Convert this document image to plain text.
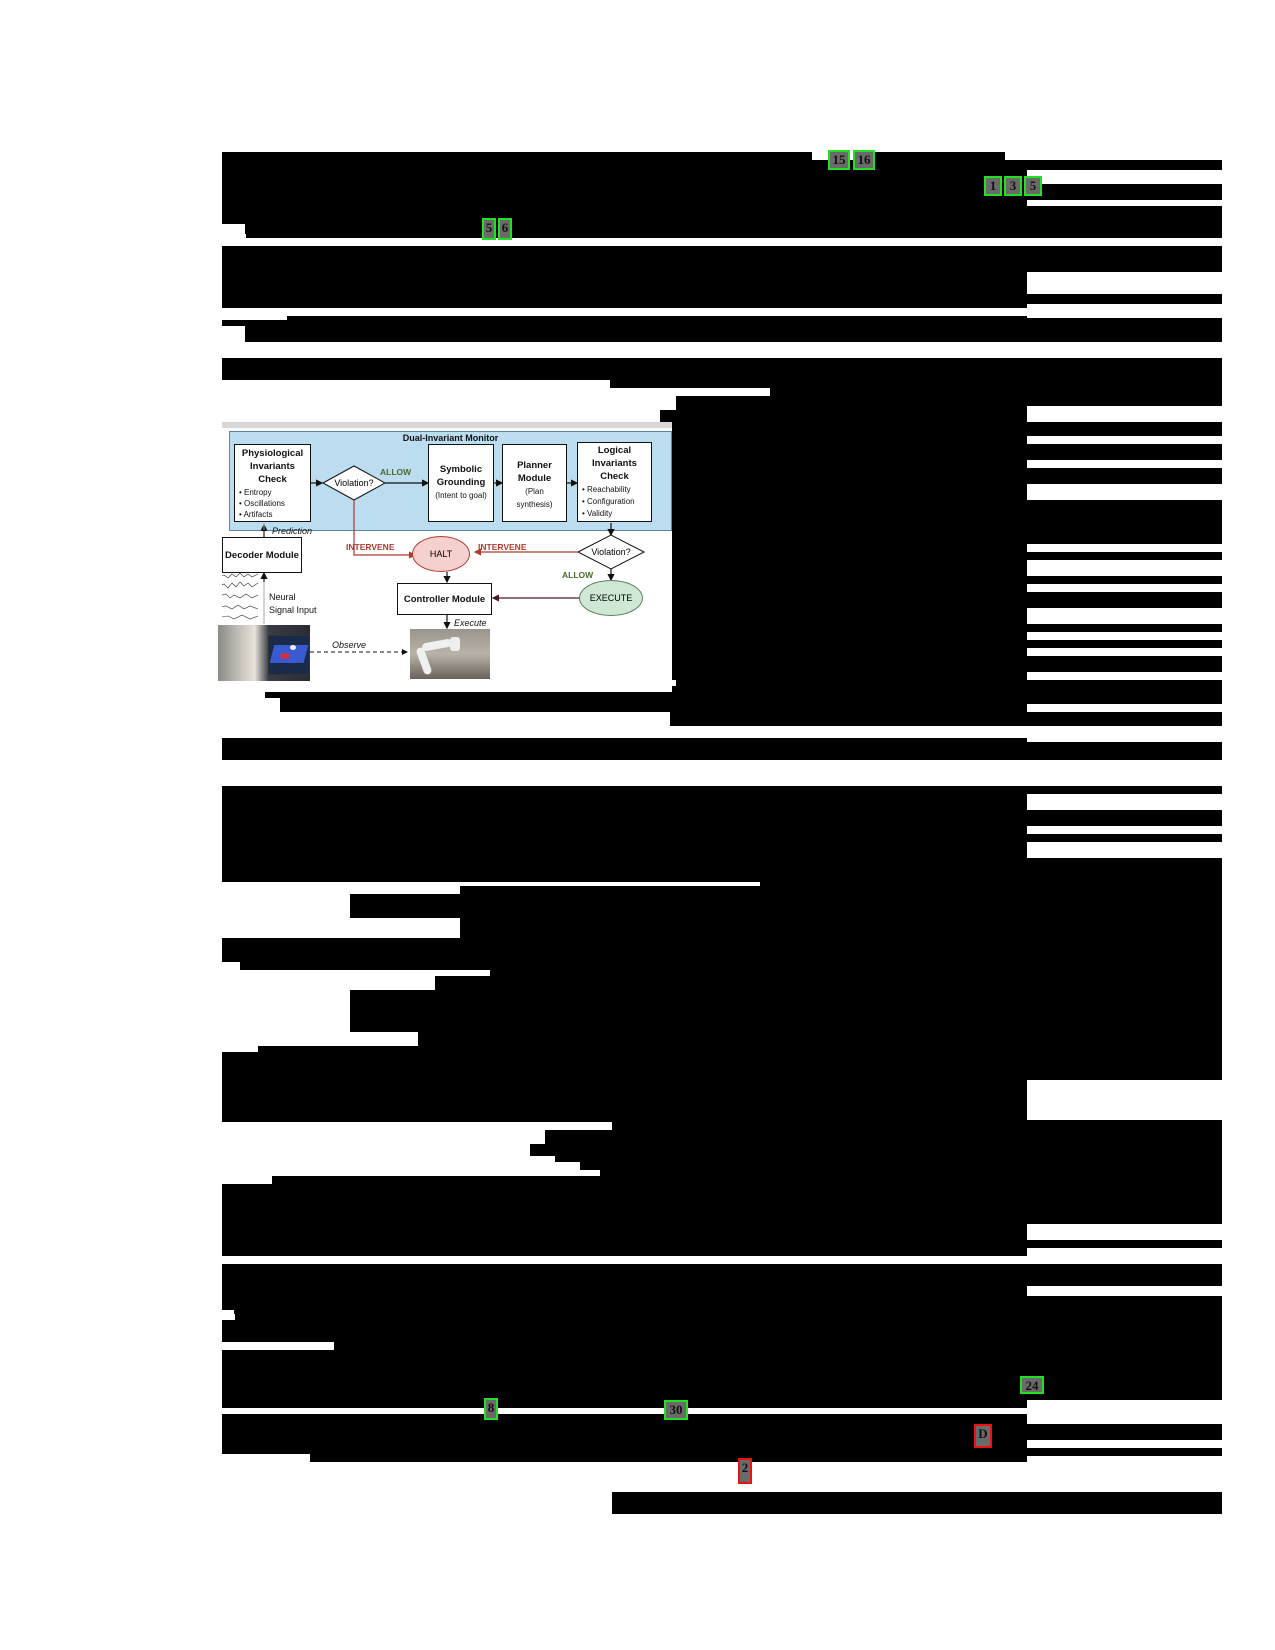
15 16
1	3	5
5 6
24
8	30
D
2
Dual-Invariant Monitor
Physiological
Invariants
Check
• Entropy
• Oscillations
• Artifacts
Violation?
ALLOW	Symbolic
Grounding
(Intent to goal)
Planner
Module
(Plan
synthesis)
Logical
Invariants
Check
• Reachability
• Configuration
• Validity
Prediction
Decoder Module
INTERVENE	INTERVENE
HALT	Violation?
ALLOW
EXECUTE
Neural
Signal Input
Controller Module
Execute
Observe
